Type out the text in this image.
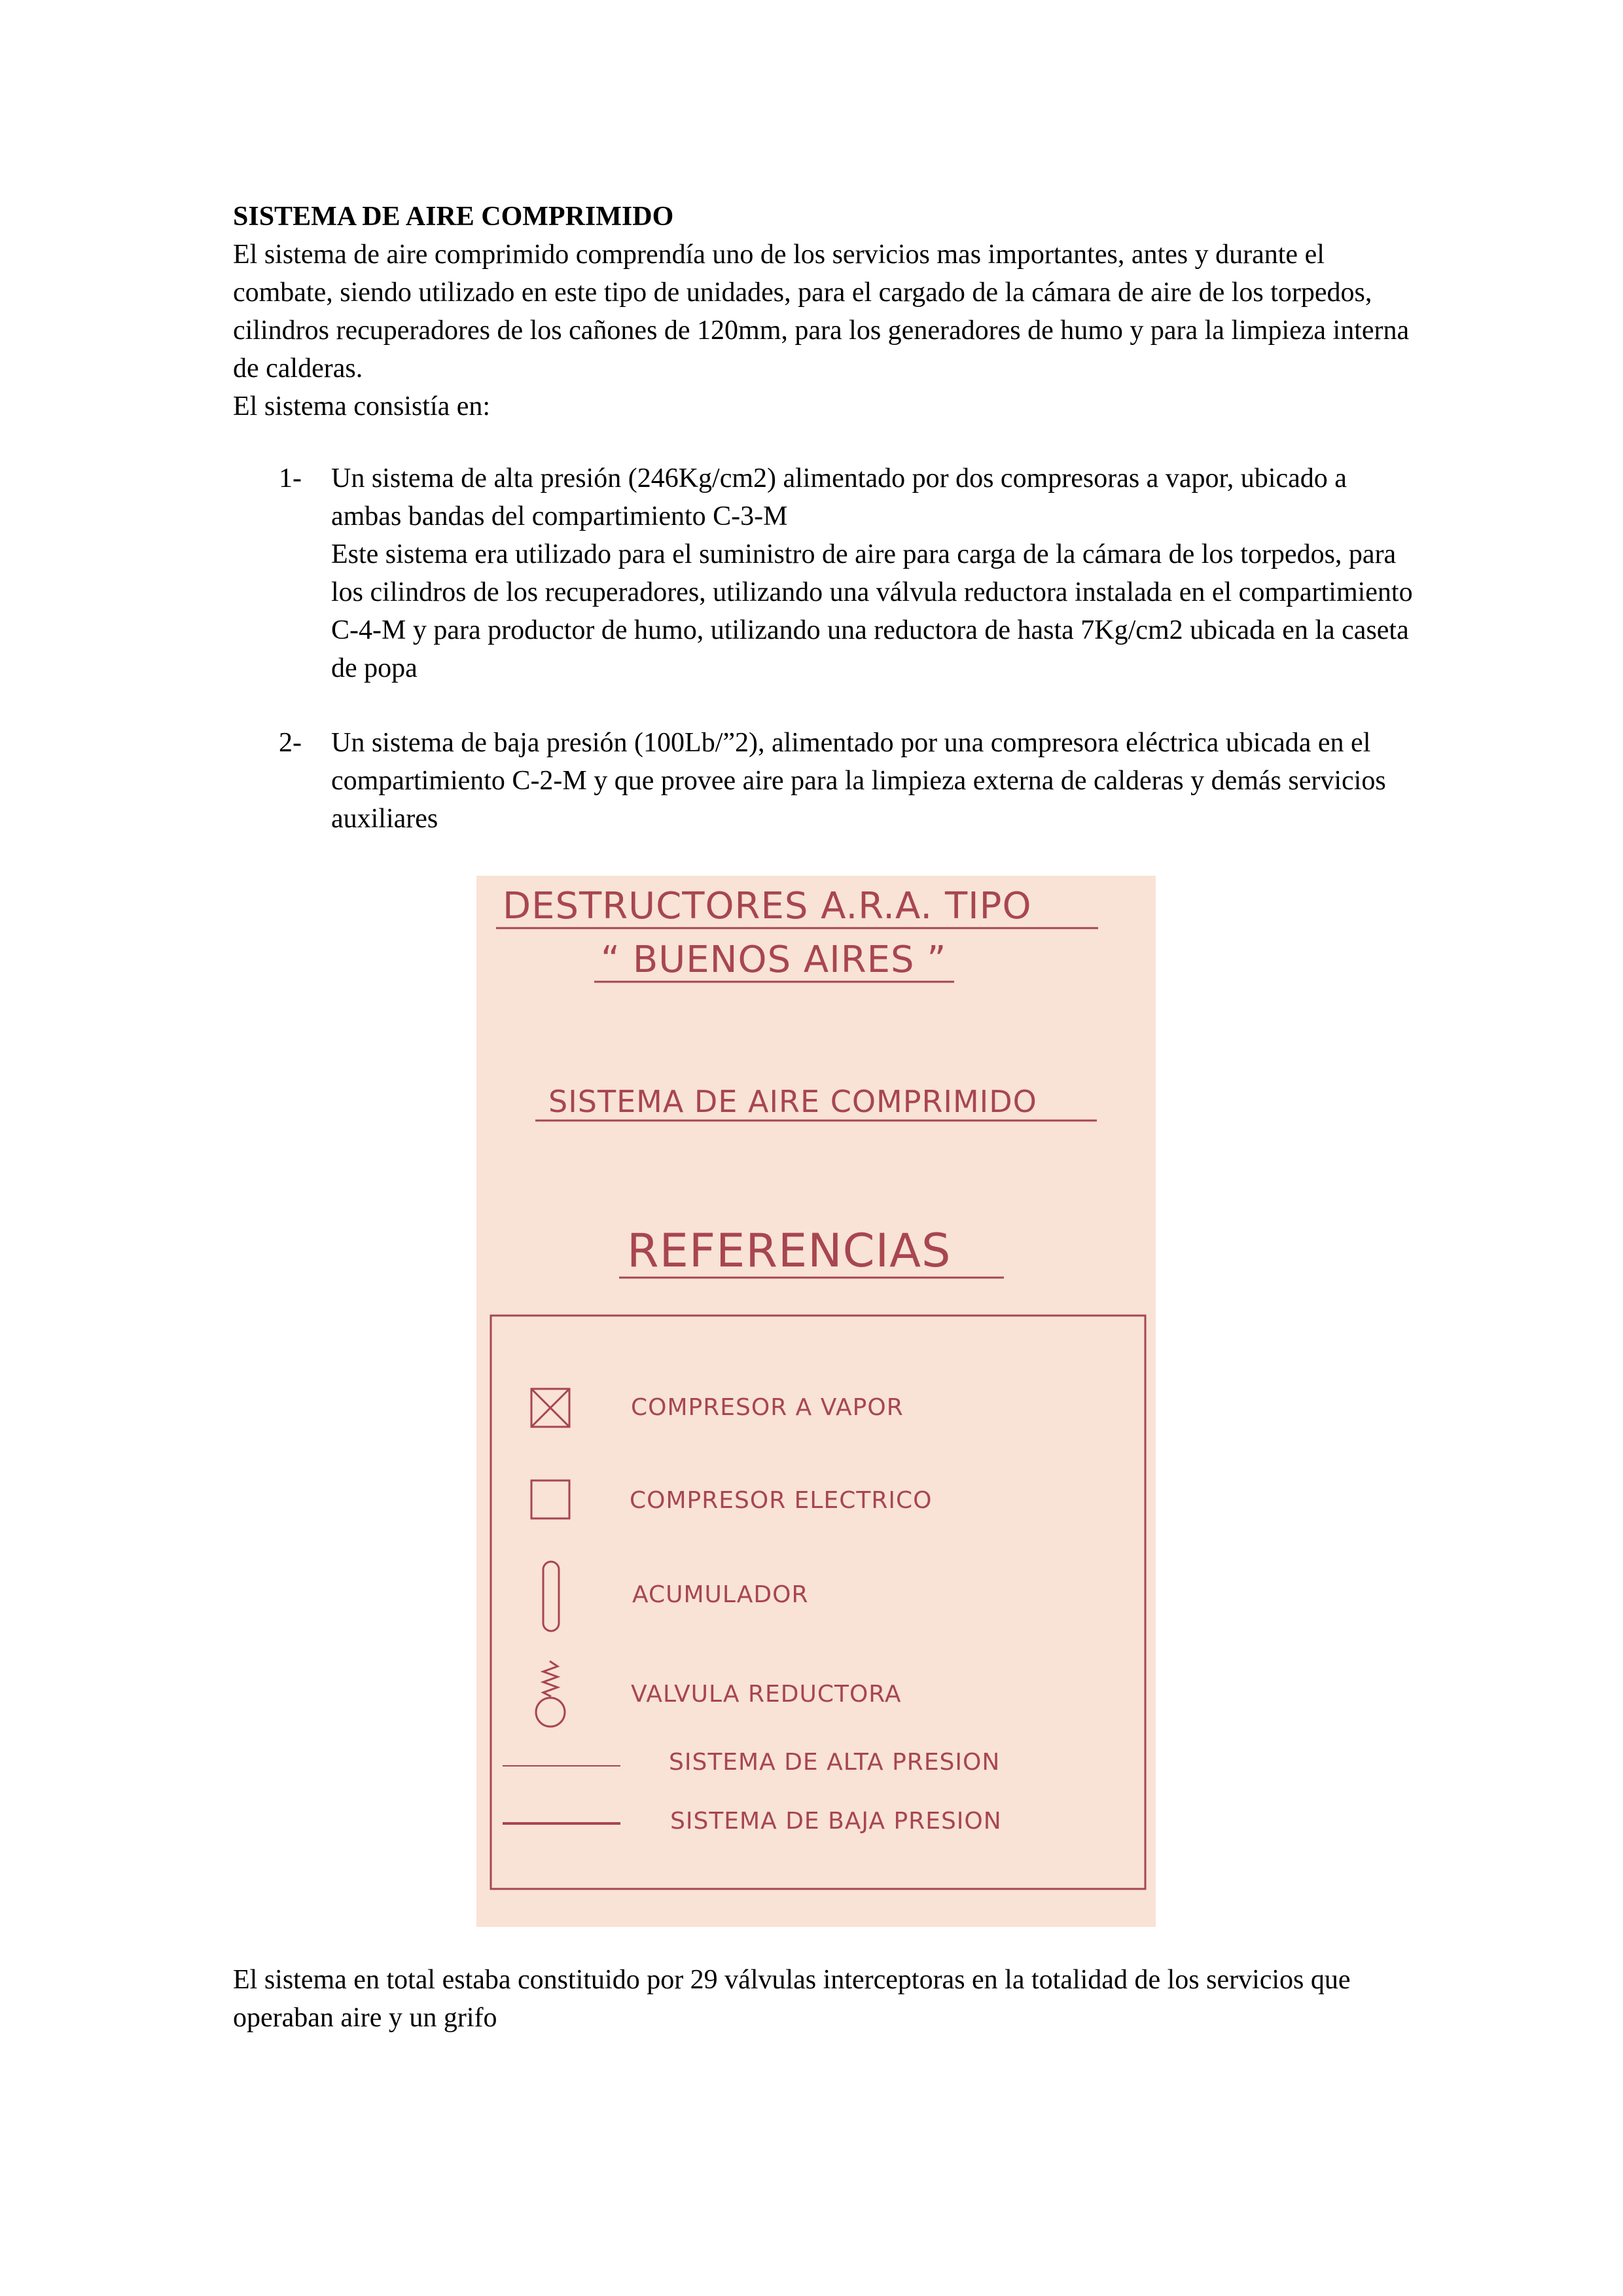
SISTEMA DE AIRE COMPRIMIDO

El sistema de aire comprimido comprendía uno de los servicios mas importantes, antes y durante el combate, siendo utilizado en este tipo de unidades, para el cargado de la cámara de aire de los torpedos, cilindros recuperadores de los cañones de 120mm, para los generadores de humo y para la limpieza interna de calderas.

El sistema consistía en:

1- Un sistema de alta presión (246Kg/cm2) alimentado por dos compresoras a vapor, ubicado a ambas bandas del compartimiento C-3-M

Este sistema era utilizado para el suministro de aire para carga de la cámara de los torpedos, para los cilindros de los recuperadores, utilizando una válvula reductora instalada en el compartimiento C-4-M y para productor de humo, utilizando una reductora de hasta 7Kg/cm2 ubicada en la caseta de popa

2- Un sistema de baja presión (100Lb/”2), alimentado por una compresora eléctrica ubicada en el compartimiento C-2-M y que provee aire para la limpieza externa de calderas y demás servicios auxiliares

DESTRUCTORES A.R.A. TIPO
“ BUENOS AIRES ”
SISTEMA DE AIRE COMPRIMIDO
REFERENCIAS
COMPRESOR A VAPOR
COMPRESOR ELECTRICO
ACUMULADOR
VALVULA REDUCTORA
SISTEMA DE ALTA PRESION
SISTEMA DE BAJA PRESION

El sistema en total estaba constituido por 29 válvulas interceptoras en la totalidad de los servicios que operaban aire y un grifo
